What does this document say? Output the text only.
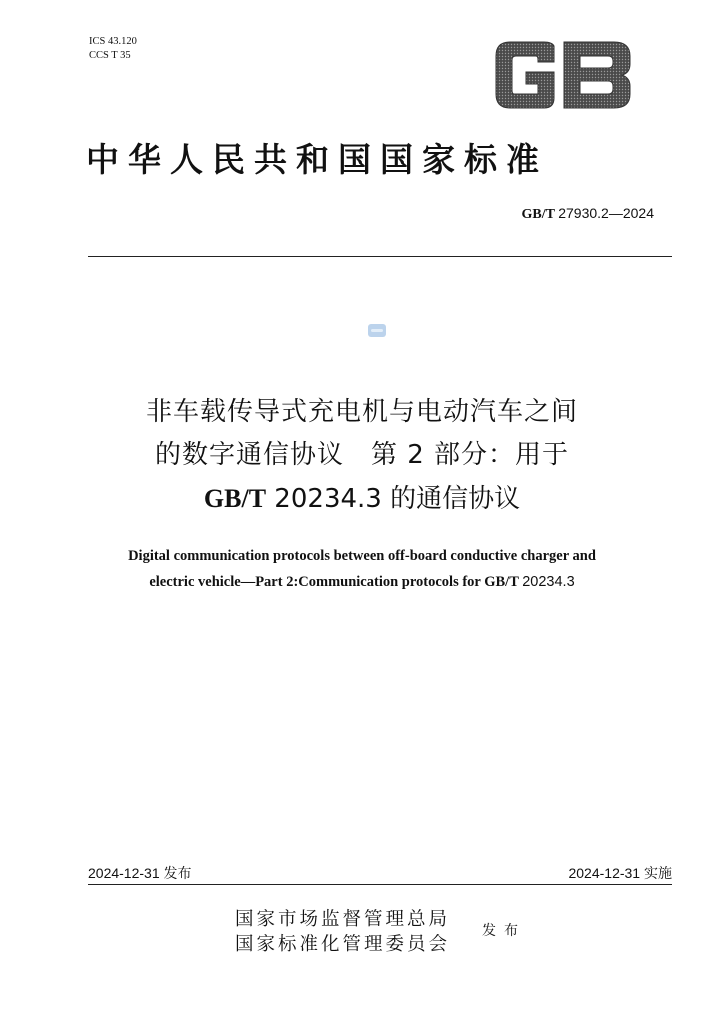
ICS 43.120
CCS T 35
中华人民共和国国家标准
GB/T 27930.2—2024
非车载传导式充电机与电动汽车之间
的数字通信协议　第 2 部分：用于
GB/T 20234.3 的通信协议
Digital communication protocols between off-board conductive charger and
electric vehicle—Part 2:Communication protocols for GB/T 20234.3
2024-12-31 发布	2024-12-31 实施
国家市场监督管理总局
国家标准化管理委员会
发布
